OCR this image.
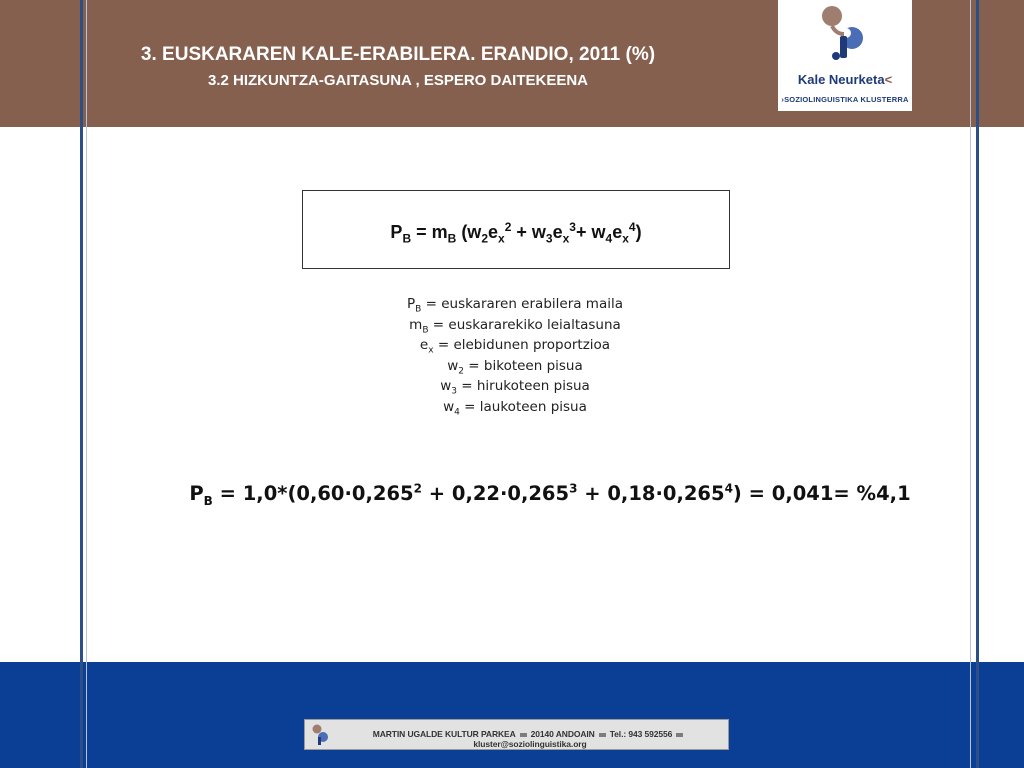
3. EUSKARAREN KALE-ERABILERA. ERANDIO, 2011 (%)
3.2 HIZKUNTZA-GAITASUNA , ESPERO DAITEKEENA	Kale Neurketa<
›SOZIOLINGUISTIKA KLUSTERRA
$P_B = m_B$ $(w_2e_x^2 + w_3e_x^3+ w_4e_x^4)$
$P_B$ = euskararen erabilera maila
$m_B$ = euskararekiko leialtasuna
$e_x$ = elebidunen proportzioa
$w_2$ = bikoteen pisua
$w_3$ = hirukoteen pisua
$w_4$ = laukoteen pisua
$P_B = 1,0*(0,60\cdot 0,265^2 + 0,22\cdot 0,265^3 + 0,18\cdot 0,265^4) = 0,041= \%4,1$
MARTIN UGALDE KULTUR PARKEA 20140 ANDOAIN Tel.: 943 592556kluster@soziolinguistika.org
